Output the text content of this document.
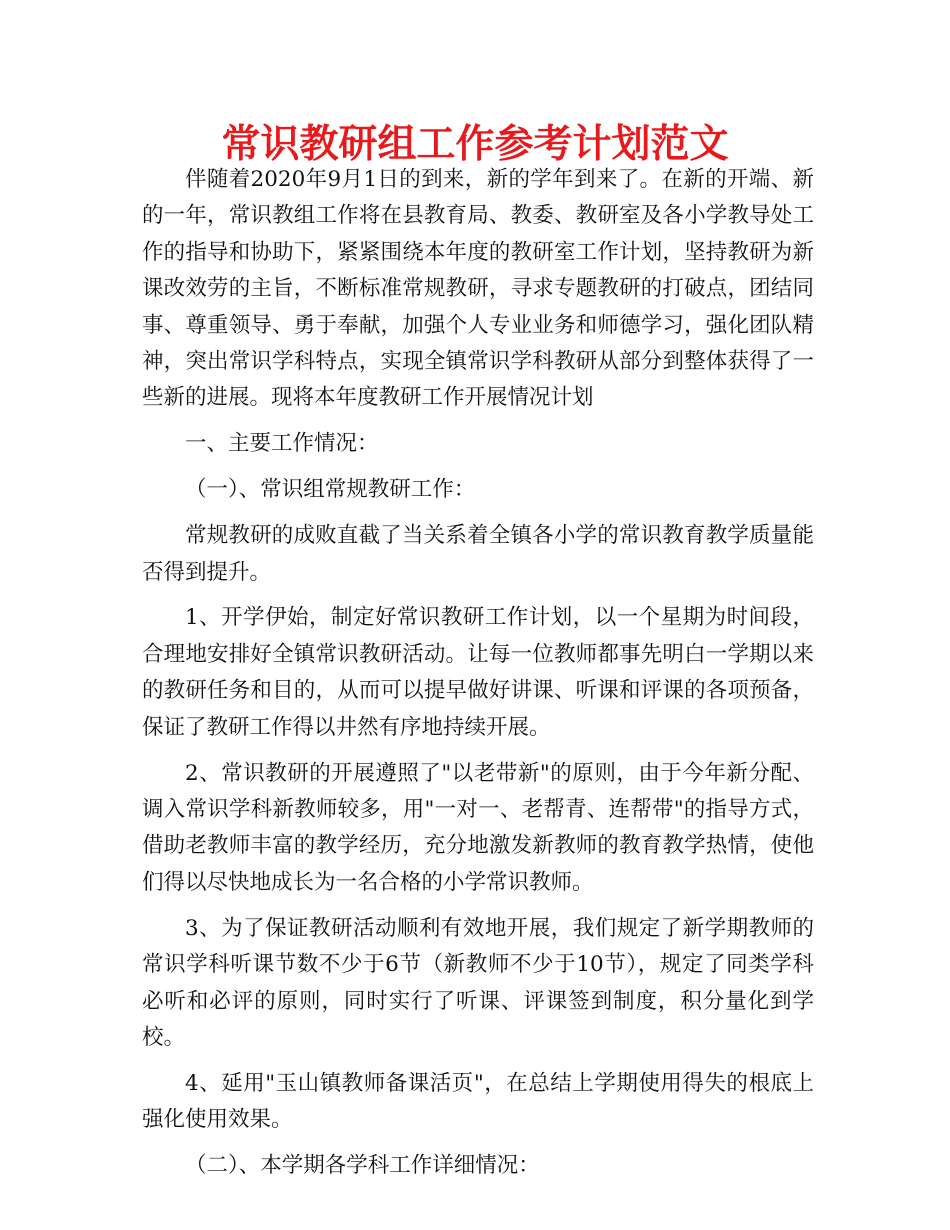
常识教研组工作参考计划范文

伴随着2020年9月1日的到来，新的学年到来了。在新的开端、新的一年，常识教组工作将在县教育局、教委、教研室及各小学教导处工作的指导和协助下，紧紧围绕本年度的教研室工作计划，坚持教研为新课改效劳的主旨，不断标准常规教研，寻求专题教研的打破点，团结同事、尊重领导、勇于奉献，加强个人专业业务和师德学习，强化团队精神，突出常识学科特点，实现全镇常识学科教研从部分到整体获得了一些新的进展。现将本年度教研工作开展情况计划

一、主要工作情况：

（一）、常识组常规教研工作：

常规教研的成败直截了当关系着全镇各小学的常识教育教学质量能否得到提升。

1、开学伊始，制定好常识教研工作计划，以一个星期为时间段，合理地安排好全镇常识教研活动。让每一位教师都事先明白一学期以来的教研任务和目的，从而可以提早做好讲课、听课和评课的各项预备，保证了教研工作得以井然有序地持续开展。

2、常识教研的开展遵照了"以老带新"的原则，由于今年新分配、调入常识学科新教师较多，用"一对一、老帮青、连帮带"的指导方式，借助老教师丰富的教学经历，充分地激发新教师的教育教学热情，使他们得以尽快地成长为一名合格的小学常识教师。

3、为了保证教研活动顺利有效地开展，我们规定了新学期教师的常识学科听课节数不少于6节（新教师不少于10节），规定了同类学科必听和必评的原则，同时实行了听课、评课签到制度，积分量化到学校。

4、延用"玉山镇教师备课活页"，在总结上学期使用得失的根底上强化使用效果。

（二）、本学期各学科工作详细情况：
